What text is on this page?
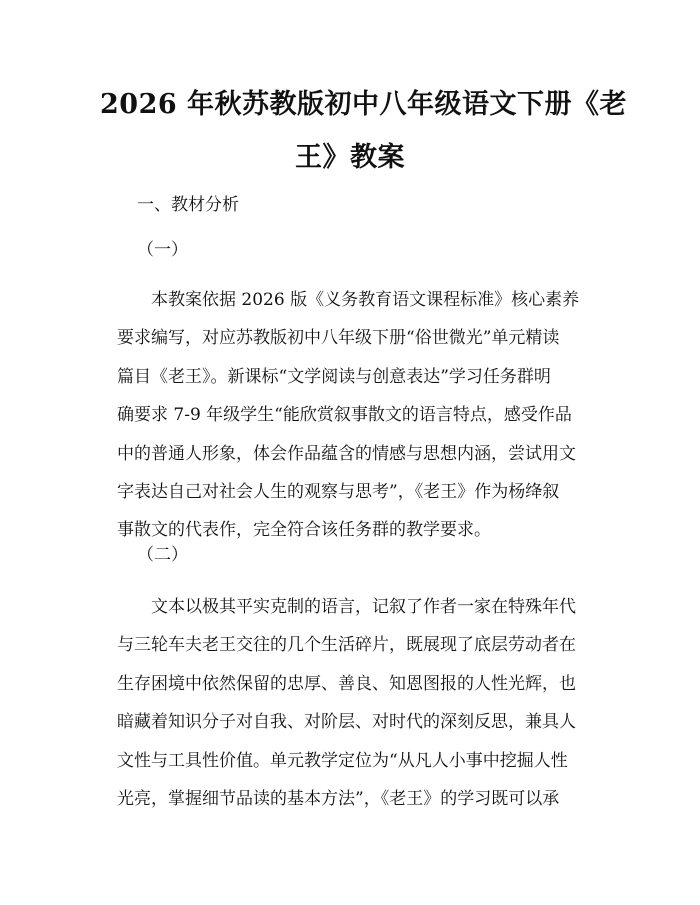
2026 年秋苏教版初中八年级语文下册《老
王》教案

一、教材分析

（一）

　　本教案依据 2026 版《义务教育语文课程标准》核心素养
要求编写，对应苏教版初中八年级下册“俗世微光”单元精读
篇目《老王》。新课标“文学阅读与创意表达”学习任务群明
确要求 7-9 年级学生“能欣赏叙事散文的语言特点，感受作品
中的普通人形象，体会作品蕴含的情感与思想内涵，尝试用文
字表达自己对社会人生的观察与思考”，《老王》作为杨绛叙
事散文的代表作，完全符合该任务群的教学要求。

（二）

　　文本以极其平实克制的语言，记叙了作者一家在特殊年代
与三轮车夫老王交往的几个生活碎片，既展现了底层劳动者在
生存困境中依然保留的忠厚、善良、知恩图报的人性光辉，也
暗藏着知识分子对自我、对阶层、对时代的深刻反思，兼具人
文性与工具性价值。单元教学定位为“从凡人小事中挖掘人性
光亮，掌握细节品读的基本方法”，《老王》的学习既可以承
